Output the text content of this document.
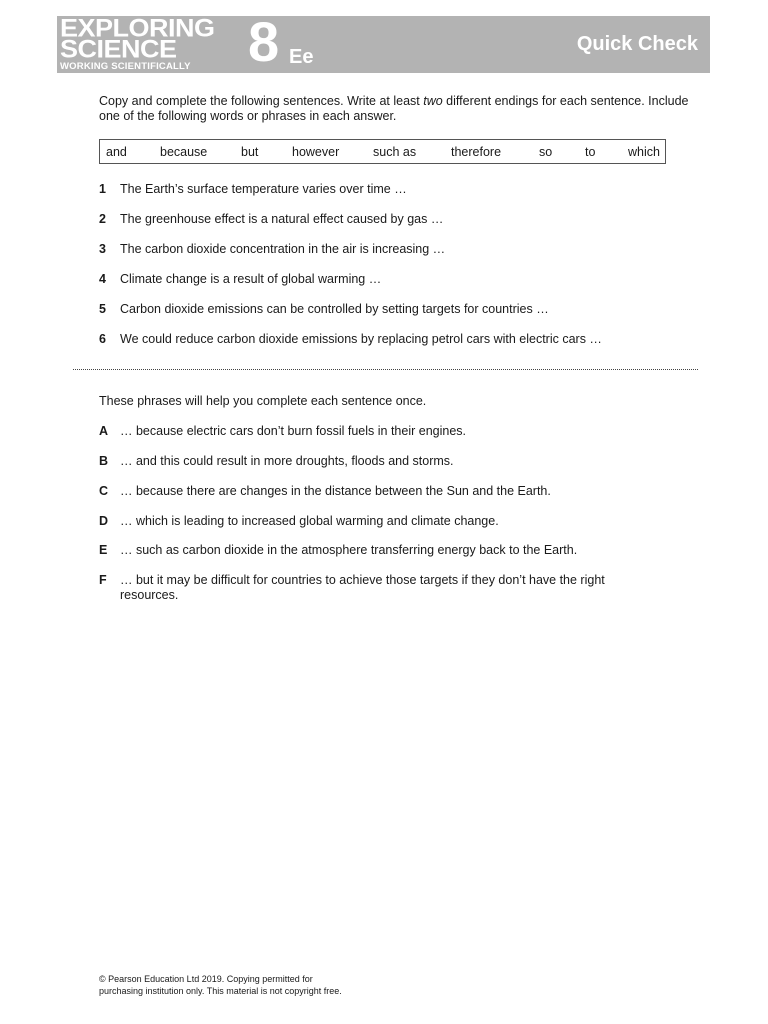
EXPLORING
SCIENCE
WORKING SCIENTIFICALLY 8 Ee
Quick Check
Copy and complete the following sentences. Write at least two different endings for each sentence. Include one of the following words or phrases in each answer.
and	because	but	however	such as	therefore	so	to	which
1 The Earth’s surface temperature varies over time …
2 The greenhouse effect is a natural effect caused by gas …
3 The carbon dioxide concentration in the air is increasing …
4 Climate change is a result of global warming …
5 Carbon dioxide emissions can be controlled by setting targets for countries …
6 We could reduce carbon dioxide emissions by replacing petrol cars with electric cars …
These phrases will help you complete each sentence once.
A … because electric cars don’t burn fossil fuels in their engines.
B … and this could result in more droughts, floods and storms.
C … because there are changes in the distance between the Sun and the Earth.
D … which is leading to increased global warming and climate change.
E … such as carbon dioxide in the atmosphere transferring energy back to the Earth.
F … but it may be difficult for countries to achieve those targets if they don’t have the right resources.
© Pearson Education Ltd 2019. Copying permitted for
purchasing institution only. This material is not copyright free.
